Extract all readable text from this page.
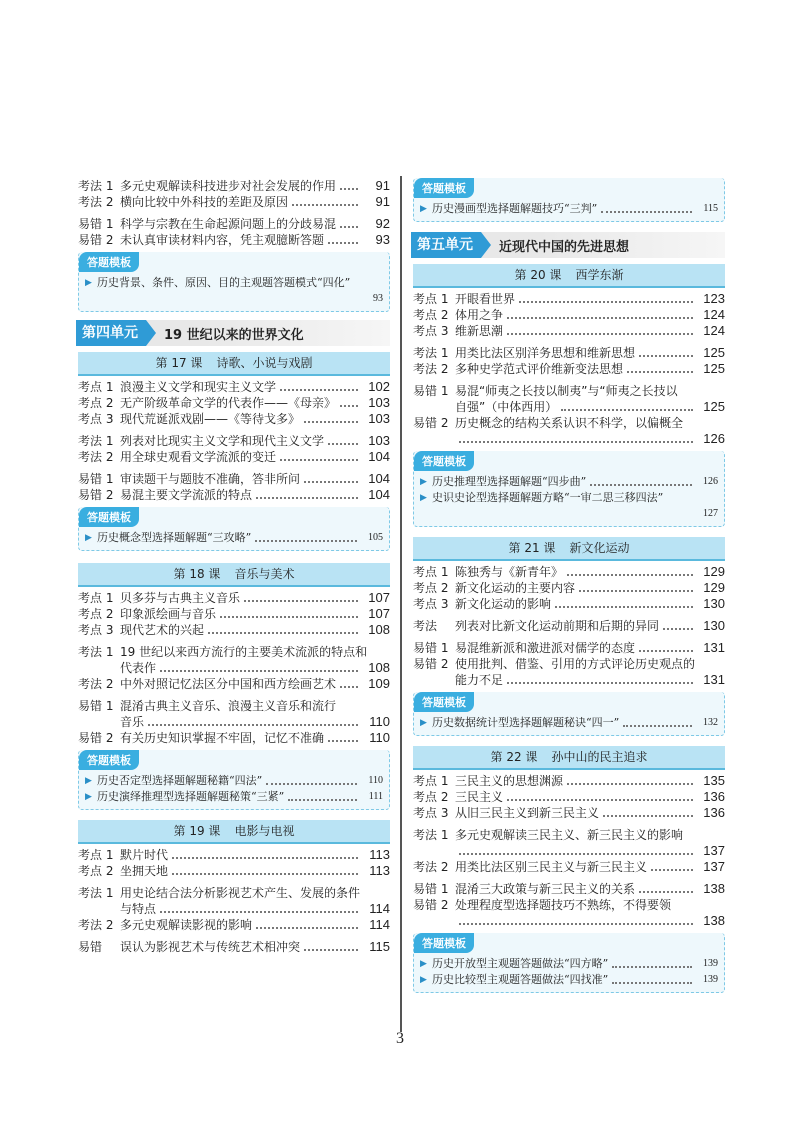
考法 1 多元史观解读科技进步对社会发展的作用	91
考法 2 横向比较中外科技的差距及原因	91
易错 1 科学与宗教在生命起源问题上的分歧易混	92
易错 2 未认真审读材料内容，凭主观臆断答题	93
答题模板
▶ 历史背景、条件、原因、目的主观题答题模式“四化”
93
第四单元	19 世纪以来的世界文化
第 17 课 诗歌、小说与戏剧
考点 1 浪漫主义文学和现实主义文学	102
考点 2 无产阶级革命文学的代表作——《母亲》	103
考点 3 现代荒诞派戏剧——《等待戈多》	103
考法 1 列表对比现实主义文学和现代主义文学	103
考法 2 用全球史观看文学流派的变迁	104
易错 1 审读题干与题肢不准确，答非所问	104
易错 2 易混主要文学流派的特点	104
答题模板
▶ 历史概念型选择题解题“三攻略”	105
第 18 课 音乐与美术
考点 1 贝多芬与古典主义音乐	107
考点 2 印象派绘画与音乐	107
考点 3 现代艺术的兴起	108
考法 1 19 世纪以来西方流行的主要美术流派的特点和
代表作	108
考法 2 中外对照记忆法区分中国和西方绘画艺术	109
易错 1 混淆古典主义音乐、浪漫主义音乐和流行
音乐	110
易错 2 有关历史知识掌握不牢固，记忆不准确	110
答题模板
▶ 历史否定型选择题解题秘籍“四法”	110
▶ 历史演绎推理型选择题解题秘策“三紧”	111
第 19 课 电影与电视
考点 1 默片时代	113
考点 2 坐拥天地	113
考法 1 用史论结合法分析影视艺术产生、发展的条件
与特点	114
考法 2 多元史观解读影视的影响	114
易错	误认为影视艺术与传统艺术相冲突	115
答题模板
▶ 历史漫画型选择题解题技巧“三判”	115
第五单元	近现代中国的先进思想
第 20 课 西学东渐
考点 1 开眼看世界	123
考点 2 体用之争	124
考点 3 维新思潮	124
考法 1 用类比法区别洋务思想和维新思想	125
考法 2 多种史学范式评价维新变法思想	125
易错 1 易混“师夷之长技以制夷”与“师夷之长技以
自强”（中体西用）	125
易错 2 历史概念的结构关系认识不科学，以偏概全
126
答题模板
▶ 历史推理型选择题解题“四步曲”	126
▶ 史识史论型选择题解题方略“一审二思三移四法”
127
第 21 课 新文化运动
考点 1 陈独秀与《新青年》	129
考点 2 新文化运动的主要内容	129
考点 3 新文化运动的影响	130
考法	列表对比新文化运动前期和后期的异同	130
易错 1 易混维新派和激进派对儒学的态度	131
易错 2 使用批判、借鉴、引用的方式评论历史观点的
能力不足	131
答题模板
▶ 历史数据统计型选择题解题秘诀“四一”	132
第 22 课 孙中山的民主追求
考点 1 三民主义的思想渊源	135
考点 2 三民主义	136
考点 3 从旧三民主义到新三民主义	136
考法 1 多元史观解读三民主义、新三民主义的影响
137
考法 2 用类比法区别三民主义与新三民主义	137
易错 1 混淆三大政策与新三民主义的关系	138
易错 2 处理程度型选择题技巧不熟练，不得要领
138
答题模板
▶ 历史开放型主观题答题做法“四方略”	139
▶ 历史比较型主观题答题做法“四找准”	139
3
